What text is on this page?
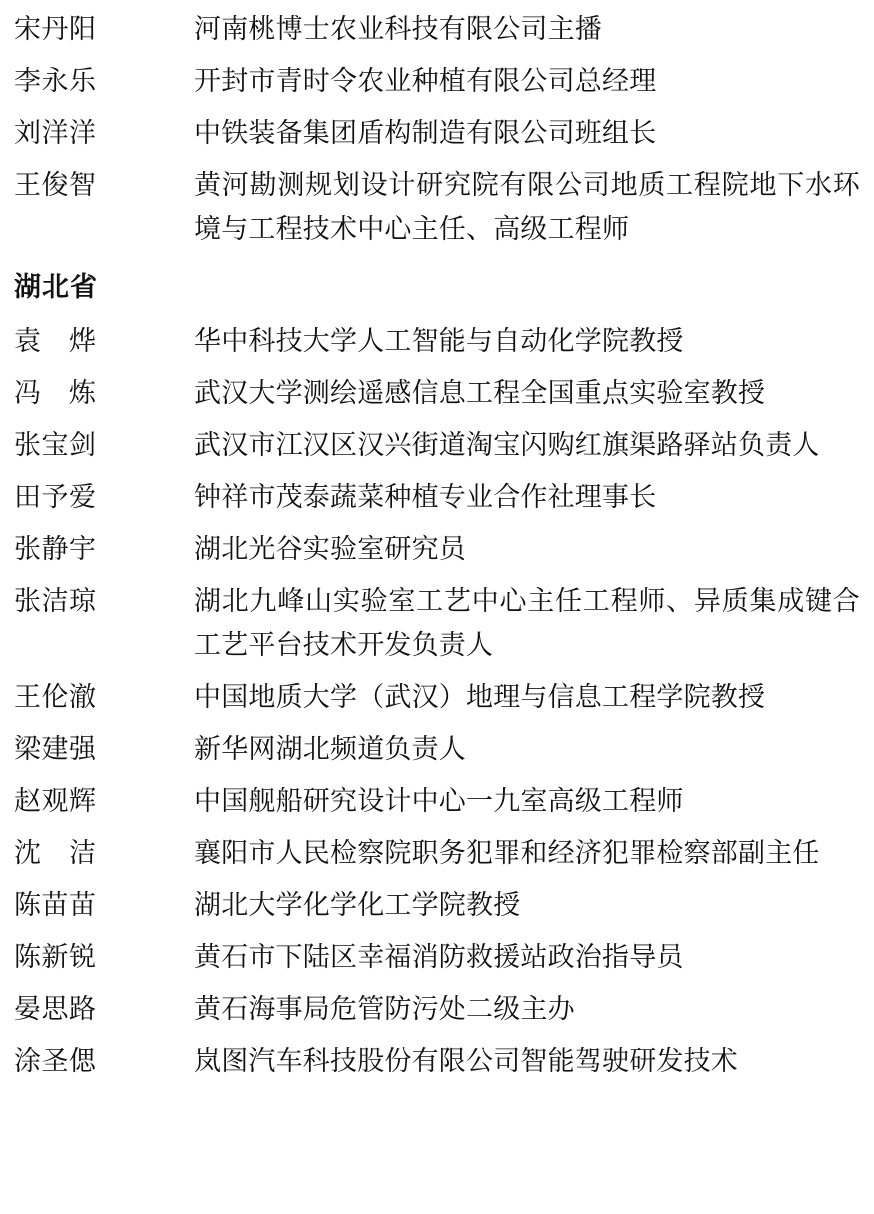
宋丹阳	河南桃博士农业科技有限公司主播
李永乐	开封市青时令农业种植有限公司总经理
刘洋洋	中铁装备集团盾构制造有限公司班组长
王俊智	黄河勘测规划设计研究院有限公司地质工程院地下水环境与工程技术中心主任、高级工程师
湖北省
袁　烨	华中科技大学人工智能与自动化学院教授
冯　炼	武汉大学测绘遥感信息工程全国重点实验室教授
张宝剑	武汉市江汉区汉兴街道淘宝闪购红旗渠路驿站负责人
田予爱	钟祥市茂泰蔬菜种植专业合作社理事长
张静宇	湖北光谷实验室研究员
张洁琼	湖北九峰山实验室工艺中心主任工程师、异质集成键合工艺平台技术开发负责人
王伦澈	中国地质大学（武汉）地理与信息工程学院教授
梁建强	新华网湖北频道负责人
赵观辉	中国舰船研究设计中心一九室高级工程师
沈　洁	襄阳市人民检察院职务犯罪和经济犯罪检察部副主任
陈苗苗	湖北大学化学化工学院教授
陈新锐	黄石市下陆区幸福消防救援站政治指导员
晏思路	黄石海事局危管防污处二级主办
涂圣偲	岚图汽车科技股份有限公司智能驾驶研发技术
